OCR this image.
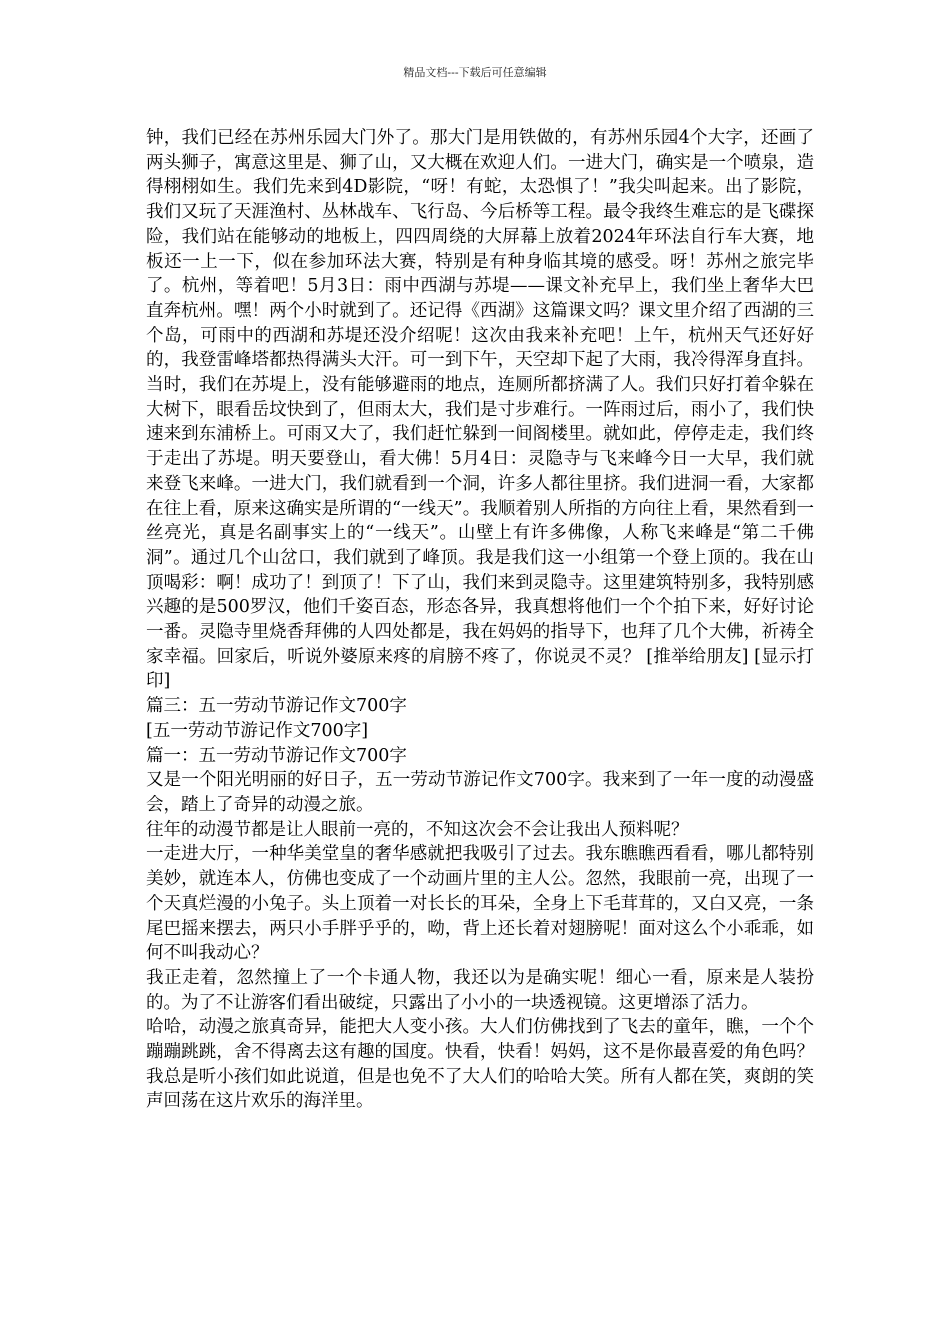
精品文档---下载后可任意编辑

钟，我们已经在苏州乐园大门外了。那大门是用铁做的，有苏州乐园4个大字，还画了两头狮子，寓意这里是、狮了山，又大概在欢迎人们。一进大门，确实是一个喷泉，造得栩栩如生。我们先来到4D影院，“呀！有蛇，太恐惧了！”我尖叫起来。出了影院，我们又玩了天涯渔村、丛林战车、飞行岛、今后桥等工程。最令我终生难忘的是飞碟探险，我们站在能够动的地板上，四四周绕的大屏幕上放着2024年环法自行车大赛，地板还一上一下，似在参加环法大赛，特别是有种身临其境的感受。呀！苏州之旅完毕了。杭州，等着吧！5月3日：雨中西湖与苏堤——课文补充早上，我们坐上奢华大巴直奔杭州。嘿！两个小时就到了。还记得《西湖》这篇课文吗？课文里介绍了西湖的三个岛，可雨中的西湖和苏堤还没介绍呢！这次由我来补充吧！上午，杭州天气还好好的，我登雷峰塔都热得满头大汗。可一到下午，天空却下起了大雨，我冷得浑身直抖。当时，我们在苏堤上，没有能够避雨的地点，连厕所都挤满了人。我们只好打着伞躲在大树下，眼看岳坟快到了，但雨太大，我们是寸步难行。一阵雨过后，雨小了，我们快速来到东浦桥上。可雨又大了，我们赶忙躲到一间阁楼里。就如此，停停走走，我们终于走出了苏堤。明天要登山，看大佛！5月4日：灵隐寺与飞来峰今日一大早，我们就来登飞来峰。一进大门，我们就看到一个洞，许多人都往里挤。我们进洞一看，大家都在往上看，原来这确实是所谓的“一线天”。我顺着别人所指的方向往上看，果然看到一丝亮光，真是名副事实上的“一线天”。山壁上有许多佛像，人称飞来峰是“第二千佛洞”。通过几个山岔口，我们就到了峰顶。我是我们这一小组第一个登上顶的。我在山顶喝彩：啊！成功了！到顶了！下了山，我们来到灵隐寺。这里建筑特别多，我特别感兴趣的是500罗汉，他们千姿百态，形态各异，我真想将他们一个个拍下来，好好讨论一番。灵隐寺里烧香拜佛的人四处都是，我在妈妈的指导下，也拜了几个大佛，祈祷全家幸福。回家后，听说外婆原来疼的肩膀不疼了，你说灵不灵？ [推举给朋友] [显示打印]

篇三：五一劳动节游记作文700字

[五一劳动节游记作文700字]

篇一：五一劳动节游记作文700字

又是一个阳光明丽的好日子，五一劳动节游记作文700字。我来到了一年一度的动漫盛会，踏上了奇异的动漫之旅。

往年的动漫节都是让人眼前一亮的，不知这次会不会让我出人预料呢？

一走进大厅，一种华美堂皇的奢华感就把我吸引了过去。我东瞧瞧西看看，哪儿都特别美妙，就连本人，仿佛也变成了一个动画片里的主人公。忽然，我眼前一亮，出现了一个天真烂漫的小兔子。头上顶着一对长长的耳朵，全身上下毛茸茸的，又白又亮，一条尾巴摇来摆去，两只小手胖乎乎的，呦，背上还长着对翅膀呢！面对这么个小乖乖，如何不叫我动心？

我正走着，忽然撞上了一个卡通人物，我还以为是确实呢！细心一看，原来是人装扮的。为了不让游客们看出破绽，只露出了小小的一块透视镜。这更增添了活力。

哈哈，动漫之旅真奇异，能把大人变小孩。大人们仿佛找到了飞去的童年，瞧，一个个蹦蹦跳跳，舍不得离去这有趣的国度。快看，快看！妈妈，这不是你最喜爱的角色吗？我总是听小孩们如此说道，但是也免不了大人们的哈哈大笑。所有人都在笑，爽朗的笑声回荡在这片欢乐的海洋里。
